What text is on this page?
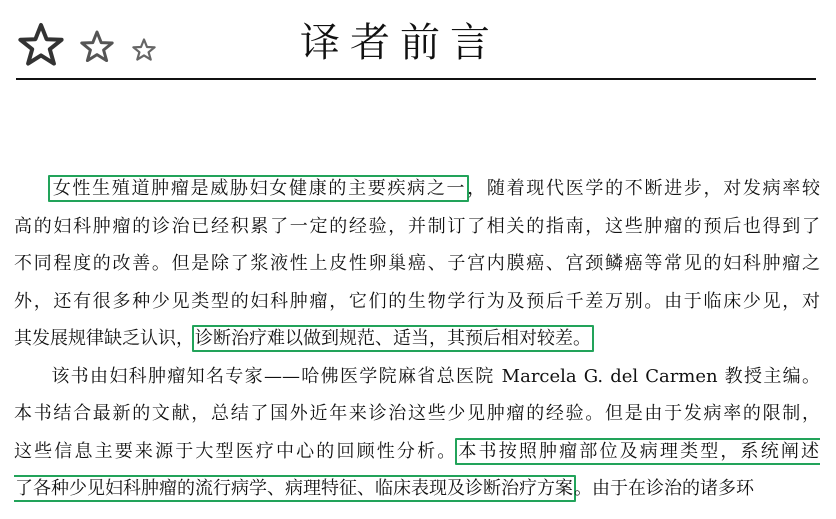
译者前言
女性生殖道肿瘤是威胁妇女健康的主要疾病之一，随着现代医学的不断进步，对发病率较
高的妇科肿瘤的诊治已经积累了一定的经验，并制订了相关的指南，这些肿瘤的预后也得到了
不同程度的改善。但是除了浆液性上皮性卵巢癌、子宫内膜癌、宫颈鳞癌等常见的妇科肿瘤之
外，还有很多种少见类型的妇科肿瘤，它们的生物学行为及预后千差万别。由于临床少见，对
其发展规律缺乏认识，诊断治疗难以做到规范、适当，其预后相对较差。
该书由妇科肿瘤知名专家——哈佛医学院麻省总医院 Marcela G. del Carmen 教授主编。
本书结合最新的文献，总结了国外近年来诊治这些少见肿瘤的经验。但是由于发病率的限制，
这些信息主要来源于大型医疗中心的回顾性分析。本书按照肿瘤部位及病理类型，系统阐述
了各种少见妇科肿瘤的流行病学、病理特征、临床表现及诊断治疗方案。由于在诊治的诸多环
